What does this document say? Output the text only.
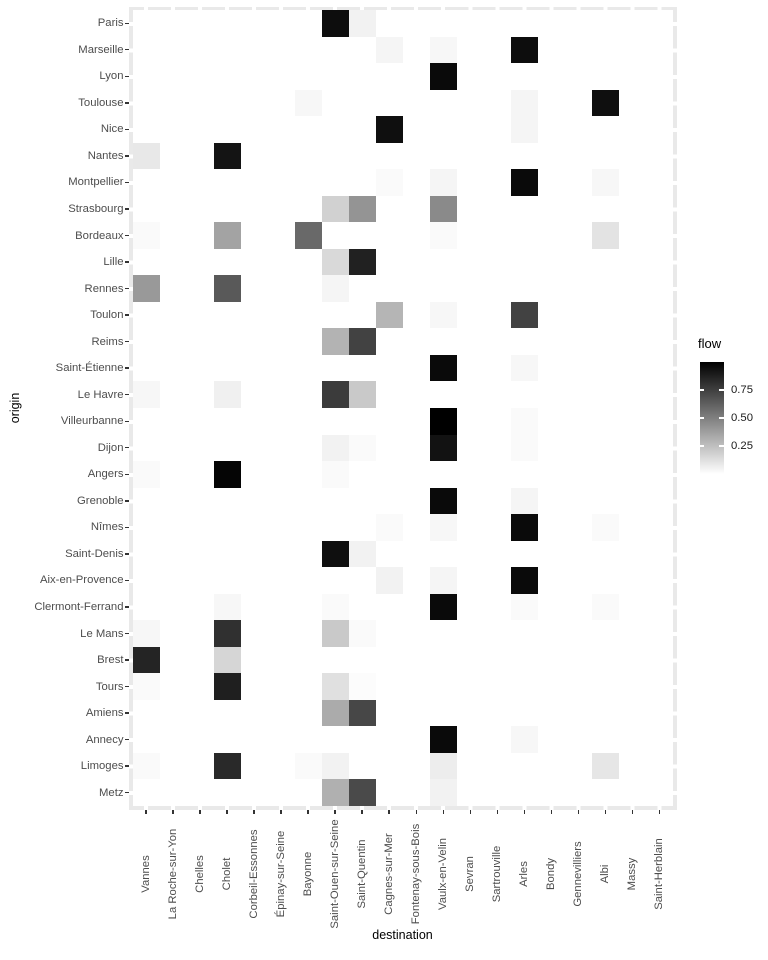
Paris
Marseille
Lyon
Toulouse
Nice
Nantes
Montpellier
Strasbourg
Bordeaux
Lille
Rennes
Toulon
Reims
Saint-Étienne
Le Havre
Villeurbanne
Dijon
Angers
Grenoble
Nîmes
Saint-Denis
Aix-en-Provence
Clermont-Ferrand
Le Mans
Brest
Tours
Amiens
Annecy
Limoges
Metz
Vannes La Roche-sur-Yon Chelles Cholet Corbeil-Essonnes Épinay-sur-Seine Bayonne Saint-Ouen-sur-Seine Saint-Quentin Cagnes-sur-Mer Fontenay-sous-Bois Vaulx-en-Velin Sevran Sartrouville Arles Bondy Gennevilliers Albi Massy Saint-Herblain
origin
destination
flow
0.75
0.50
0.25
